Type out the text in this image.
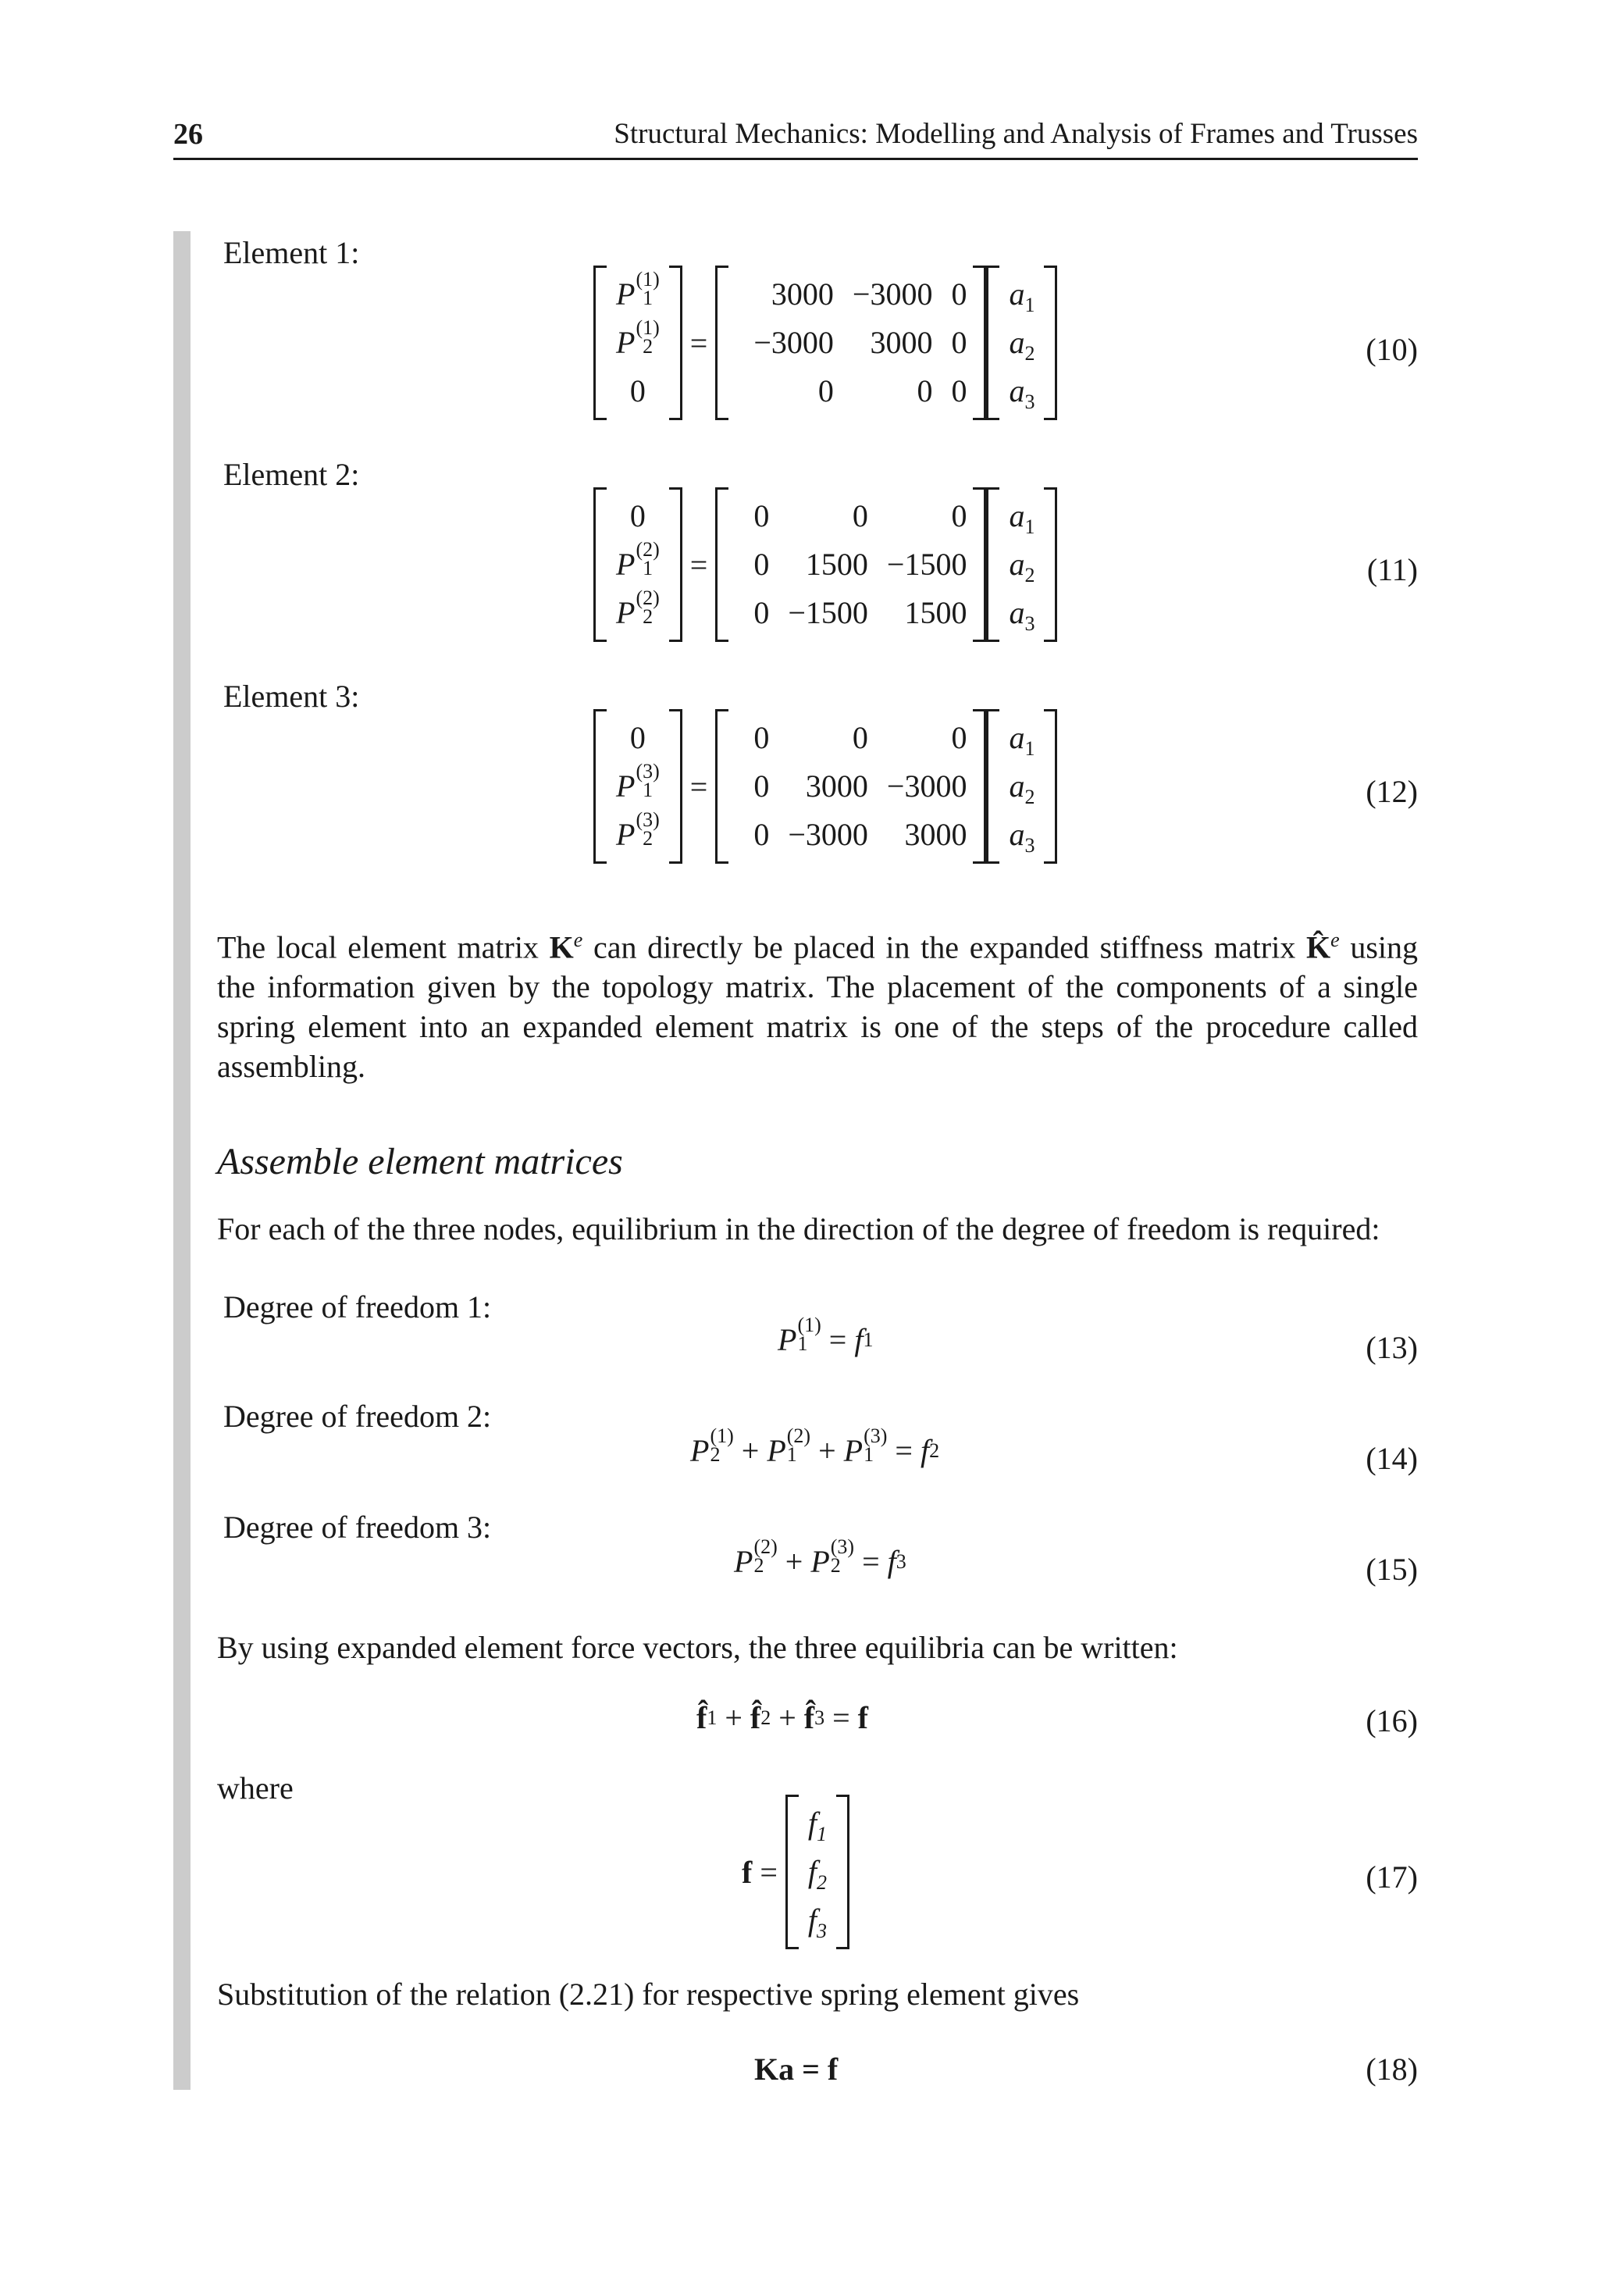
26	Structural Mechanics: Modelling and Analysis of Frames and Trusses
Element 1:
Element 2:
Element 3:
P (1)
1
P (1)
2
0
=
3000 −3000 0
−3000	3000 0
0	0 0
$a_1$
$a_2$
$a_3$
0
P (2)
1
P (2)
2
=
0	0	0
0	1500 −1500
0 −1500	1500
$a_1$
$a_2$
$a_3$
0
P (3)
1
P (3)
2
=
0	0	0
0	3000 −3000
0 −3000	3000
$a_1$
$a_2$
$a_3$
(10)
(11)
(12)
The local element matrix $K^e$ can directly be placed in the expanded stiffness matrix K̂$^e$ using the information given by the topology matrix. The placement of the components of a single spring element into an expanded element matrix is one of the steps of the procedure called assembling.
Assemble element matrices
For each of the three nodes, equilibrium in the direction of the degree of freedom is required:
Degree of freedom 1:
Degree of freedom 2:
Degree of freedom 3:
P (1)
1 = f 1	(13)
P (1)
2 + P (2)
1 + P (3)
1 = f 2	(14)
P (2)
2 + P (3)
2 = f 3	(15)
By using expanded element force vectors, the three equilibria can be written:
f̂ 1 + f̂ 2 + f̂ 3 = f	(16)
where
f =
$f_1$
$f_2$
$f_3$
(17)
Substitution of the relation (2.21) for respective spring element gives
Ka = f	(18)
